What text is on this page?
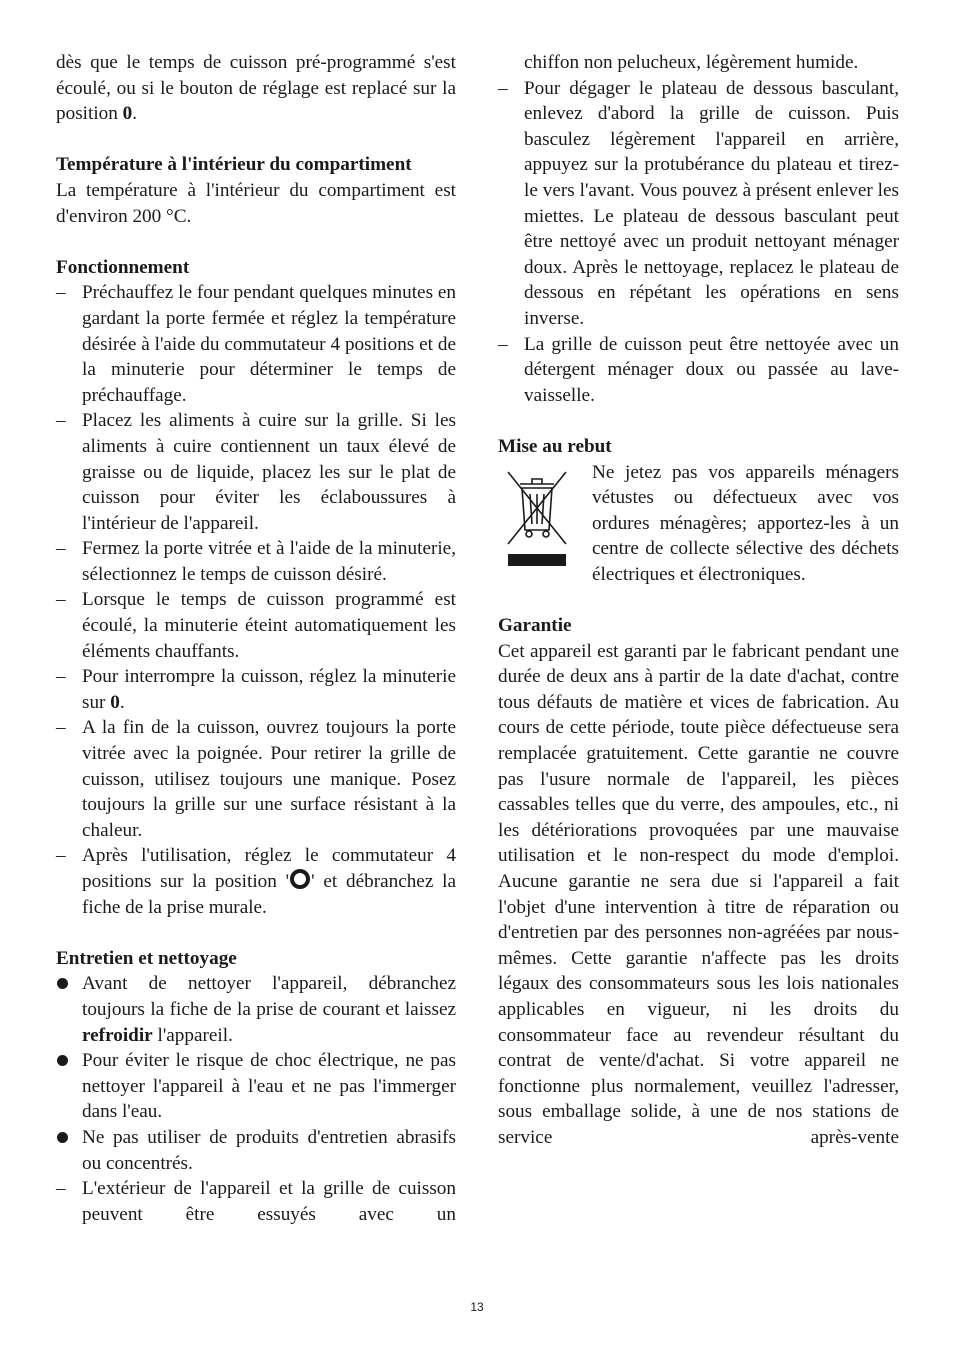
dès que le temps de cuisson pré-programmé s'est écoulé, ou si le bouton de réglage est replacé sur la position 0.

Température à l'intérieur du compartiment

La température à l'intérieur du compartiment est d'environ 200 °C.

Fonctionnement

– Préchauffez le four pendant quelques minutes en gardant la porte fermée et réglez la température désirée à l'aide du commutateur 4 positions et de la minuterie pour déterminer le temps de préchauffage.
– Placez les aliments à cuire sur la grille. Si les aliments à cuire contiennent un taux élevé de graisse ou de liquide, placez les sur le plat de cuisson pour éviter les éclaboussures à l'intérieur de l'appareil.
– Fermez la porte vitrée et à l'aide de la minuterie, sélectionnez le temps de cuisson désiré.
– Lorsque le temps de cuisson programmé est écoulé, la minuterie éteint automatiquement les éléments chauffants.
– Pour interrompre la cuisson, réglez la minuterie sur 0.
– A la fin de la cuisson, ouvrez toujours la porte vitrée avec la poignée. Pour retirer la grille de cuisson, utilisez toujours une manique. Posez toujours la grille sur une surface résistant à la chaleur.
– Après l'utilisation, réglez le commutateur 4 positions sur la position ' ' et débranchez la fiche de la prise murale.

Entretien et nettoyage

Avant de nettoyer l'appareil, débranchez toujours la fiche de la prise de courant et laissez refroidir l'appareil.
Pour éviter le risque de choc électrique, ne pas nettoyer l'appareil à l'eau et ne pas l'immerger dans l'eau.
Ne pas utiliser de produits d'entretien abrasifs ou concentrés.
– L'extérieur de l'appareil et la grille de cuisson peuvent être essuyés avec un

chiffon non pelucheux, légèrement humide.

– Pour dégager le plateau de dessous basculant, enlevez d'abord la grille de cuisson. Puis basculez légèrement l'appareil en arrière, appuyez sur la protubérance du plateau et tirez-le vers l'avant. Vous pouvez à présent enlever les miettes. Le plateau de dessous basculant peut être nettoyé avec un produit nettoyant ménager doux. Après le nettoyage, replacez le plateau de dessous en répétant les opérations en sens inverse.
– La grille de cuisson peut être nettoyée avec un détergent ménager doux ou passée au lave-vaisselle.

Mise au rebut

Ne jetez pas vos appareils ménagers vétustes ou défectueux avec vos ordures ménagères; apportez-les à un centre de collecte sélective des déchets électriques et électroniques.

Garantie

Cet appareil est garanti par le fabricant pendant une durée de deux ans à partir de la date d'achat, contre tous défauts de matière et vices de fabrication. Au cours de cette période, toute pièce défectueuse sera remplacée gratuitement. Cette garantie ne couvre pas l'usure normale de l'appareil, les pièces cassables telles que du verre, des ampoules, etc., ni les détériorations provoquées par une mauvaise utilisation et le non-respect du mode d'emploi. Aucune garantie ne sera due si l'appareil a fait l'objet d'une intervention à titre de réparation ou d'entretien par des personnes non-agréées par nous-mêmes. Cette garantie n'affecte pas les droits légaux des consommateurs sous les lois nationales applicables en vigueur, ni les droits du consommateur face au revendeur résultant du contrat de vente/d'achat. Si votre appareil ne fonctionne plus normalement, veuillez l'adresser, sous emballage solide, à une de nos stations de service après-vente

13
